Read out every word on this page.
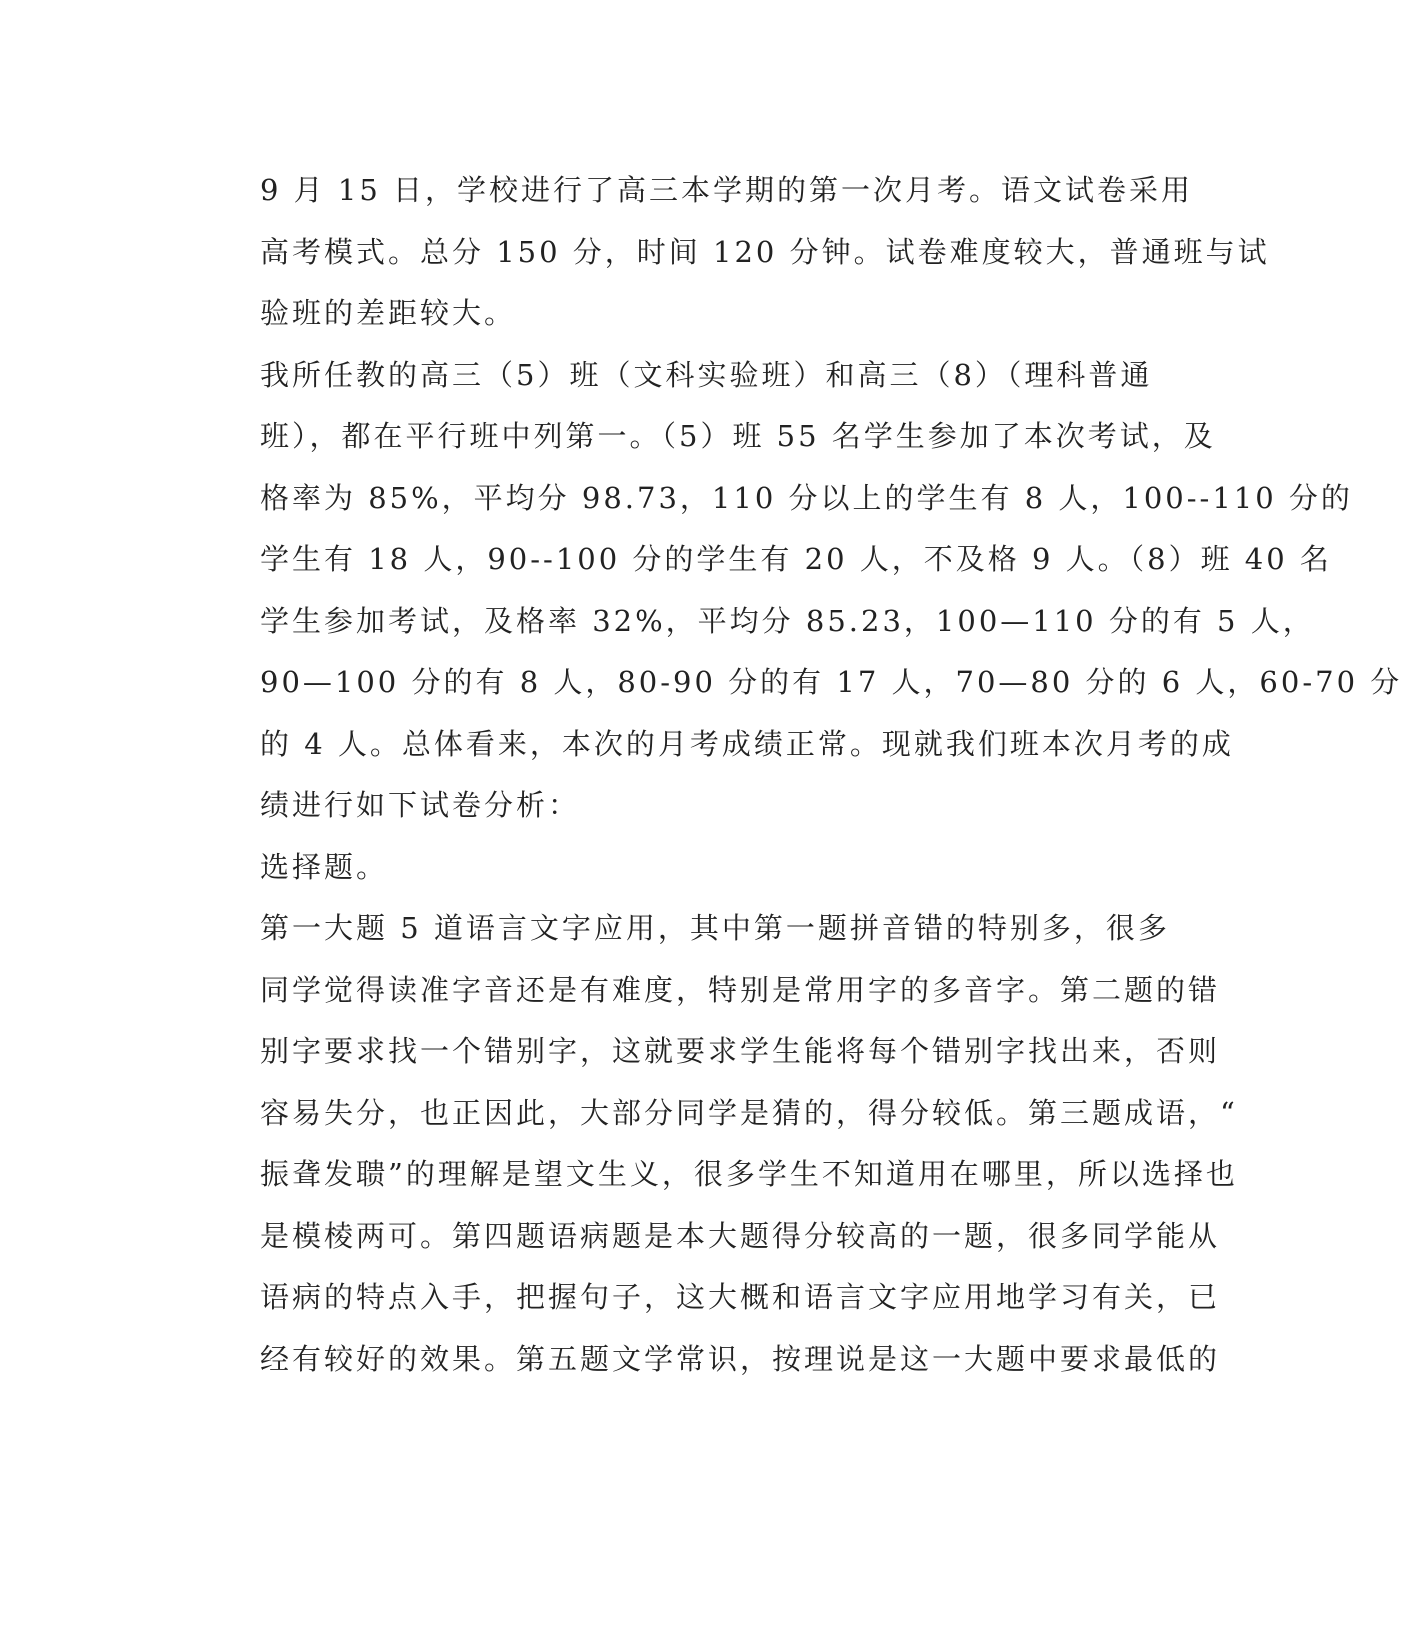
9 月 15 日，学校进行了高三本学期的第一次月考。语文试卷采用
高考模式。总分 150 分，时间 120 分钟。试卷难度较大，普通班与试
验班的差距较大。

我所任教的高三（5）班（文科实验班）和高三（8）（理科普通
班），都在平行班中列第一。（5）班 55 名学生参加了本次考试，及
格率为 85%，平均分 98.73，110 分以上的学生有 8 人，100--110 分的
学生有 18 人，90--100 分的学生有 20 人，不及格 9 人。（8）班 40 名
学生参加考试，及格率 32%，平均分 85.23，100—110 分的有 5 人，
90—100 分的有 8 人，80-90 分的有 17 人，70—80 分的 6 人，60-70 分
的 4 人。总体看来，本次的月考成绩正常。现就我们班本次月考的成
绩进行如下试卷分析：

选择题。

第一大题 5 道语言文字应用，其中第一题拼音错的特别多，很多
同学觉得读准字音还是有难度，特别是常用字的多音字。第二题的错
别字要求找一个错别字，这就要求学生能将每个错别字找出来，否则
容易失分，也正因此，大部分同学是猜的，得分较低。第三题成语，“
振聋发聩”的理解是望文生义，很多学生不知道用在哪里，所以选择也
是模棱两可。第四题语病题是本大题得分较高的一题，很多同学能从
语病的特点入手，把握句子，这大概和语言文字应用地学习有关，已
经有较好的效果。第五题文学常识，按理说是这一大题中要求最低的
